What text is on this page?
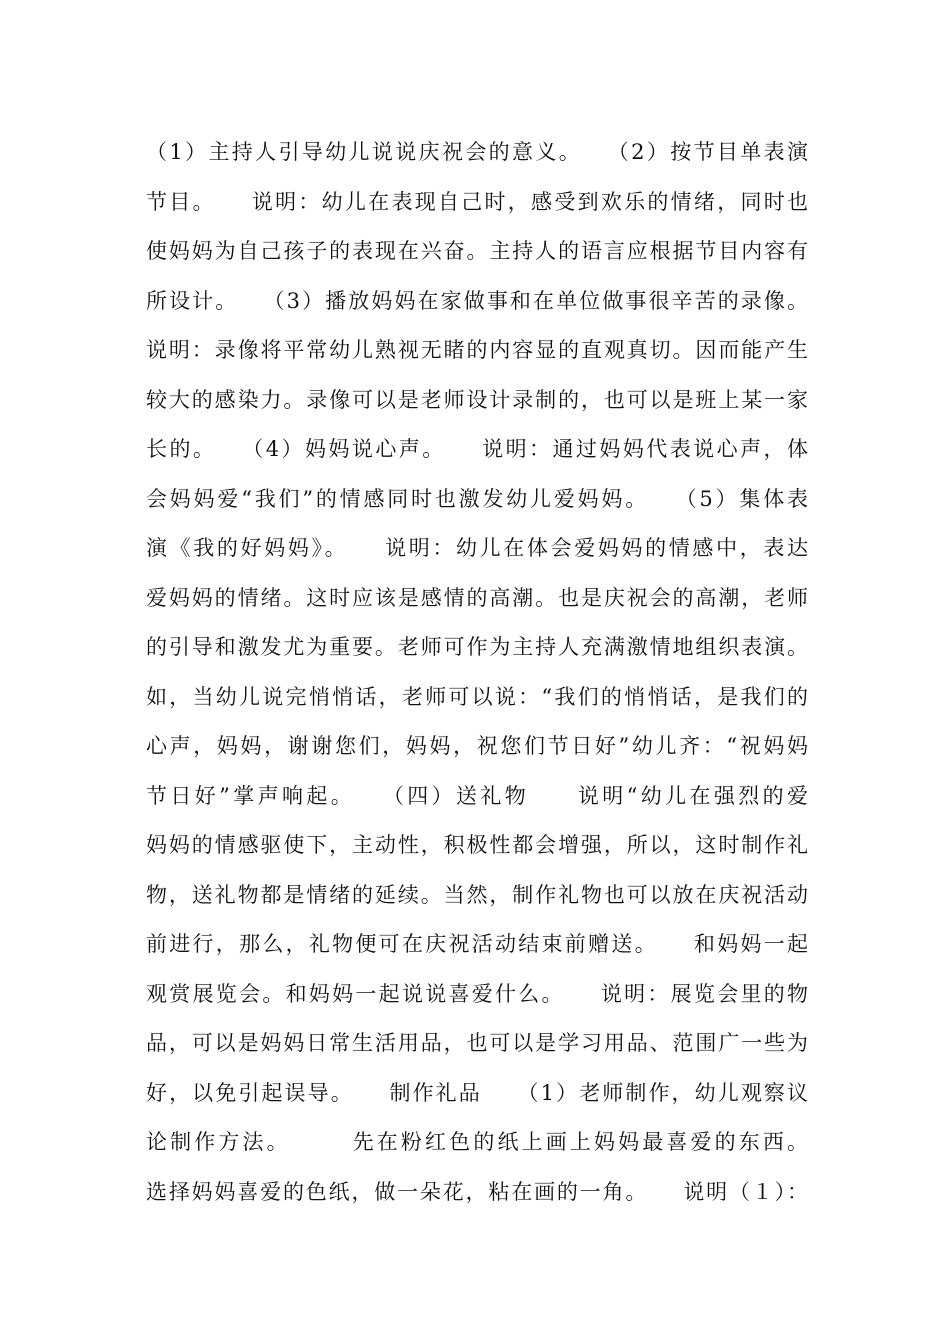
（1）主持人引导幼儿说说庆祝会的意义。　　（2）按节目单表演
节目。　　说明：幼儿在表现自己时，感受到欢乐的情绪，同时也
使妈妈为自己孩子的表现在兴奋。主持人的语言应根据节目内容有
所设计。　　（3）播放妈妈在家做事和在单位做事很辛苦的录像。
说明：录像将平常幼儿熟视无睹的内容显的直观真切。因而能产生
较大的感染力。录像可以是老师设计录制的，也可以是班上某一家
长的。　　（4）妈妈说心声。　　说明：通过妈妈代表说心声，体
会妈妈爱“我们”的情感同时也激发幼儿爱妈妈。　　（5）集体表
演《我的好妈妈》。　　说明：幼儿在体会爱妈妈的情感中，表达
爱妈妈的情绪。这时应该是感情的高潮。也是庆祝会的高潮，老师
的引导和激发尤为重要。老师可作为主持人充满激情地组织表演。
如，当幼儿说完悄悄话，老师可以说：“我们的悄悄话，是我们的
心声，妈妈，谢谢您们，妈妈，祝您们节日好”幼儿齐：“祝妈妈
节日好”掌声响起。　　（四）送礼物　　说明“幼儿在强烈的爱
妈妈的情感驱使下，主动性，积极性都会增强，所以，这时制作礼
物，送礼物都是情绪的延续。当然，制作礼物也可以放在庆祝活动
前进行，那么，礼物便可在庆祝活动结束前赠送。　　和妈妈一起
观赏展览会。和妈妈一起说说喜爱什么。　　说明：展览会里的物
品，可以是妈妈日常生活用品，也可以是学习用品、范围广一些为
好，以免引起误导。　　制作礼品　　（1）老师制作，幼儿观察议
论制作方法。　　　先在粉红色的纸上画上妈妈最喜爱的东西。
选择妈妈喜爱的色纸，做一朵花，粘在画的一角。　　说明（１）：
